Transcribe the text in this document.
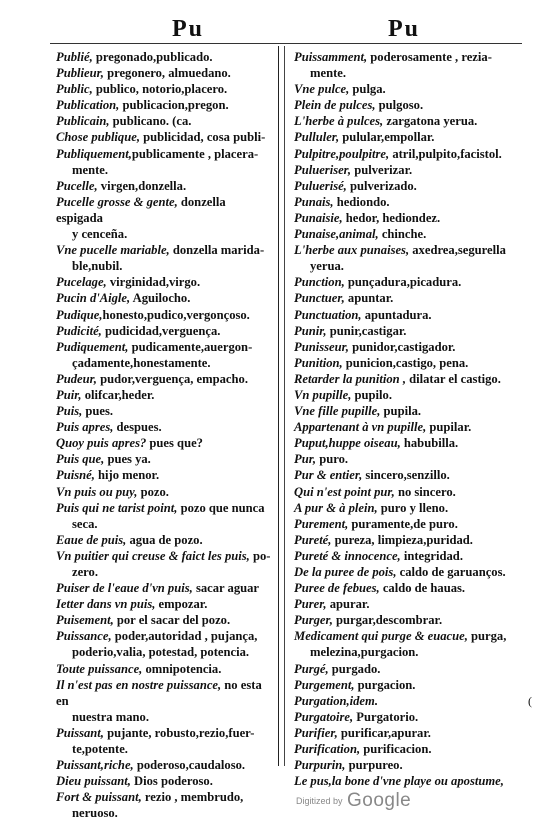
Pu	Pu
Publié, pregonado,publicado.
Publieur, pregonero, almuedano.
Public, publico, notorio,placero.
Publication, publicacion,pregon.
Publicain, publicano. (ca.
Chose publique, publicidad, cosa publi-
Publiquement,publicamente , placera-
mente.
Pucelle, virgen,donzella.
Pucelle grosse & gente, donzella espigada
y cenceña.
Vne pucelle mariable, donzella marida-
ble,nubil.
Pucelage, virginidad,virgo.
Pucin d'Aigle, Aguilocho.
Pudique,honesto,pudico,vergonçoso.
Pudicité, pudicidad,verguença.
Pudiquement, pudicamente,auergon-
çadamente,honestamente.
Pudeur, pudor,verguença, empacho.
Puir, olifcar,heder.
Puis, pues.
Puis apres, despues.
Quoy puis apres? pues que?
Puis que, pues ya.
Puisné, hijo menor.
Vn puis ou puy, pozo.
Puis qui ne tarist point, pozo que nunca
seca.
Eaue de puis, agua de pozo.
Vn puitier qui creuse & faict les puis, po-
zero.
Puiser de l'eaue d'vn puis, sacar aguar
Ietter dans vn puis, empozar.
Puisement, por el sacar del pozo.
Puissance, poder,autoridad , pujança,
poderio,valia, potestad, potencia.
Toute puissance, omnipotencia.
Il n'est pas en nostre puissance, no esta en
nuestra mano.
Puissant, pujante, robusto,rezio,fuer-
te,potente.
Puissant,riche, poderoso,caudaloso.
Dieu puissant, Dios poderoso.
Fort & puissant, rezio , membrudo,
neruoso.
Puissamment, poderosamente , rezia-
mente.
Vne pulce, pulga.
Plein de pulces, pulgoso.
L'herbe à pulces, zargatona yerua.
Pulluler, pulular,empollar.
Pulpitre,poulpitre, atril,pulpito,facistol.
Pulueriser, pulverizar.
Puluerisé, pulverizado.
Punais, hediondo.
Punaisie, hedor, hediondez.
Punaise,animal, chinche.
L'herbe aux punaises, axedrea,segurella
yerua.
Punction, punçadura,picadura.
Punctuer, apuntar.
Punctuation, apuntadura.
Punir, punir,castigar.
Punisseur, punidor,castigador.
Punition, punicion,castigo, pena.
Retarder la punition , dilatar el castigo.
Vn pupille, pupilo.
Vne fille pupille, pupila.
Appartenant à vn pupille, pupilar.
Puput,huppe oiseau, habubilla.
Pur, puro.
Pur & entier, sincero,senzillo.
Qui n'est point pur, no sincero.
A pur & à plein, puro y lleno.
Purement, puramente,de puro.
Pureté, pureza, limpieza,puridad.
Pureté & innocence, integridad.
De la puree de pois, caldo de garuanços.
Puree de febues, caldo de hauas.
Purer, apurar.
Purger, purgar,descombrar.
Medicament qui purge & euacue, purga,
melezina,purgacion.
Purgé, purgado.
Purgement, purgacion.
Purgation,idem.
Purgatoire, Purgatorio.
Purifier, purificar,apurar.
Purification, purificacion.
Purpurin, purpureo.
Le pus,la bone d'vne playe ou apostume,
(
Digitized by Google
